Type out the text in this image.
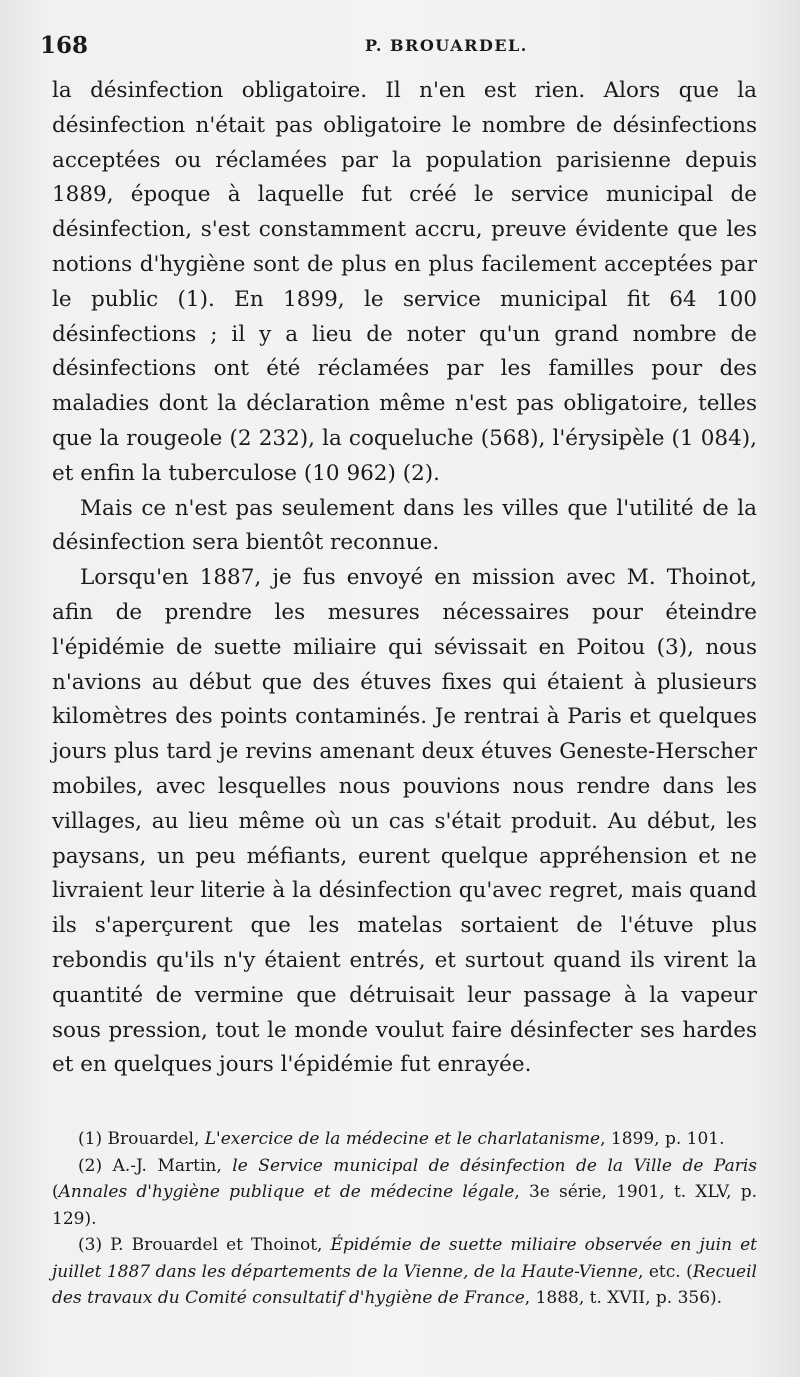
168	P. BROUARDEL.

la désinfection obligatoire. Il n'en est rien. Alors que la désinfection n'était pas obligatoire le nombre de désinfections acceptées ou réclamées par la population parisienne depuis 1889, époque à laquelle fut créé le service municipal de désinfection, s'est constamment accru, preuve évidente que les notions d'hygiène sont de plus en plus facilement acceptées par le public (1). En 1899, le service municipal fit 64 100 désinfections ; il y a lieu de noter qu'un grand nombre de désinfections ont été réclamées par les familles pour des maladies dont la déclaration même n'est pas obligatoire, telles que la rougeole (2 232), la coqueluche (568), l'érysipèle (1 084), et enfin la tuberculose (10 962) (2).

Mais ce n'est pas seulement dans les villes que l'utilité de la désinfection sera bientôt reconnue.

Lorsqu'en 1887, je fus envoyé en mission avec M. Thoinot, afin de prendre les mesures nécessaires pour éteindre l'épidémie de suette miliaire qui sévissait en Poitou (3), nous n'avions au début que des étuves fixes qui étaient à plusieurs kilomètres des points contaminés. Je rentrai à Paris et quelques jours plus tard je revins amenant deux étuves Geneste-Herscher mobiles, avec lesquelles nous pouvions nous rendre dans les villages, au lieu même où un cas s'était produit. Au début, les paysans, un peu méfiants, eurent quelque appréhension et ne livraient leur literie à la désinfection qu'avec regret, mais quand ils s'aperçurent que les matelas sortaient de l'étuve plus rebondis qu'ils n'y étaient entrés, et surtout quand ils virent la quantité de vermine que détruisait leur passage à la vapeur sous pression, tout le monde voulut faire désinfecter ses hardes et en quelques jours l'épidémie fut enrayée.

(1) Brouardel, L'exercice de la médecine et le charlatanisme, 1899, p. 101.

(2) A.-J. Martin, le Service municipal de désinfection de la Ville de Paris (Annales d'hygiène publique et de médecine légale, 3e série, 1901, t. XLV, p. 129).

(3) P. Brouardel et Thoinot, Épidémie de suette miliaire observée en juin et juillet 1887 dans les départements de la Vienne, de la Haute-Vienne, etc. (Recueil des travaux du Comité consultatif d'hygiène de France, 1888, t. XVII, p. 356).
